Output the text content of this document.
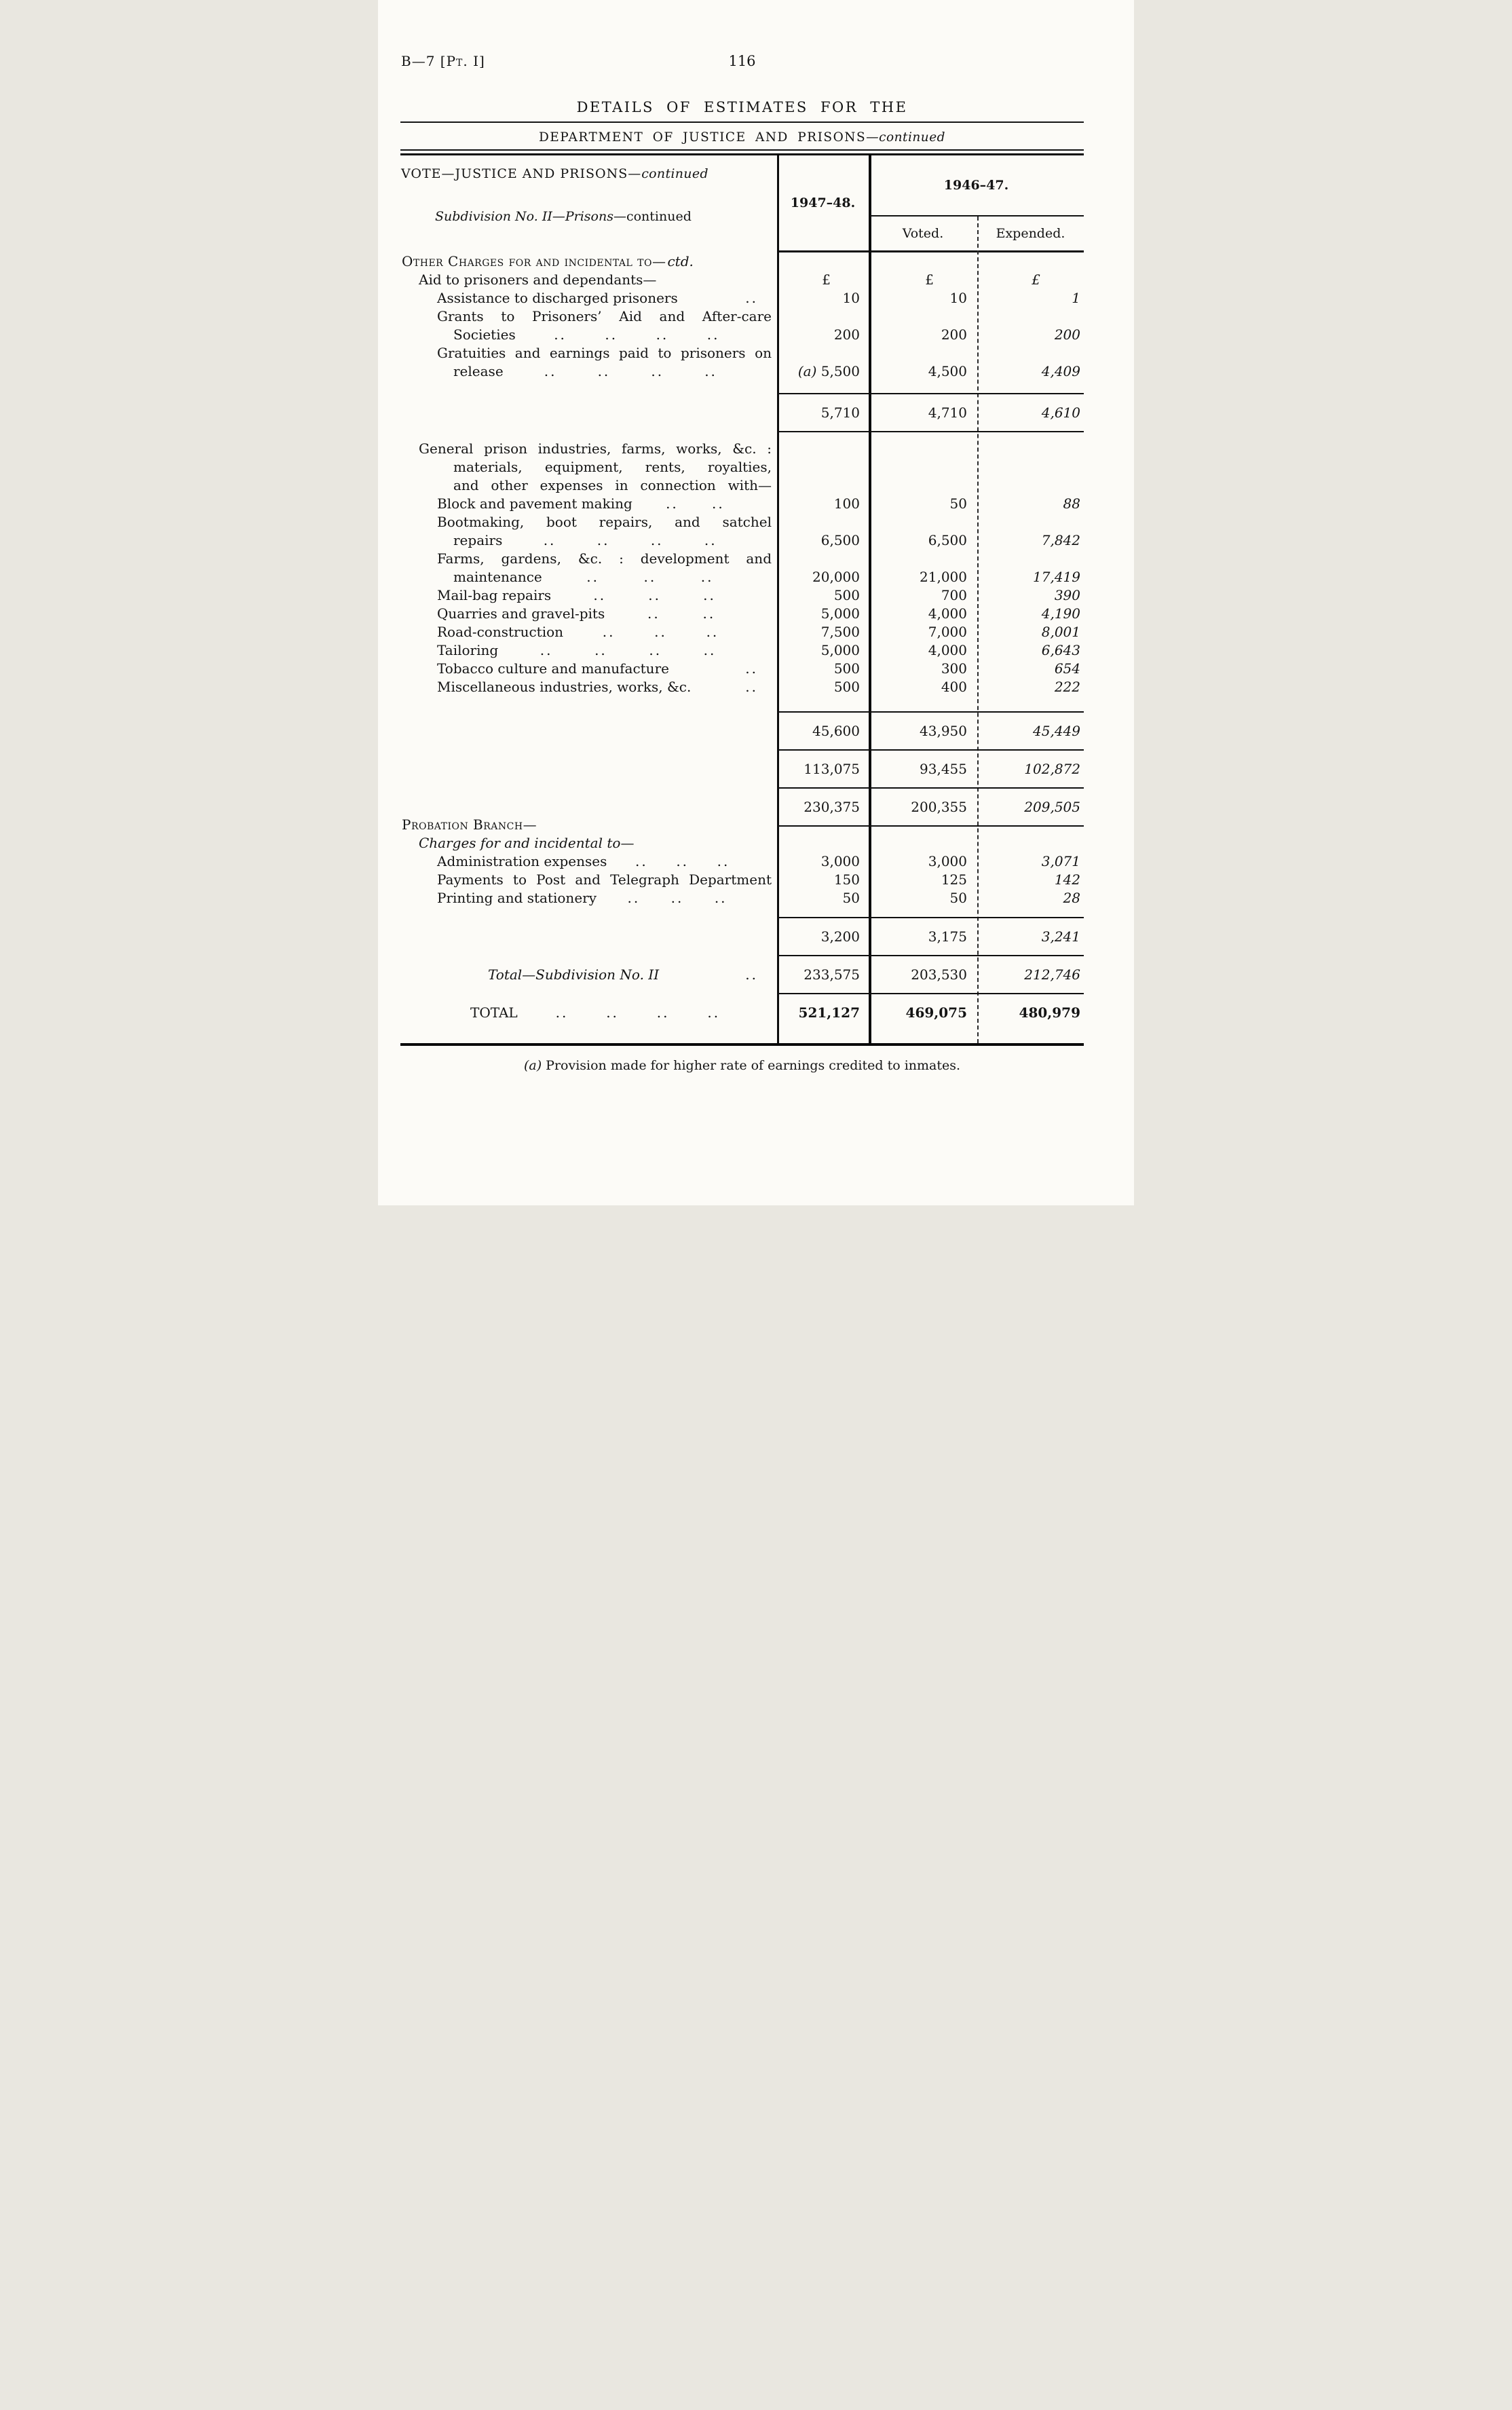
B—7 [Pt. I]	116
DETAILS OF ESTIMATES FOR THE
DEPARTMENT OF JUSTICE AND PRISONS—continued
VOTE—JUSTICE AND PRISONS—continued
Subdivision No. II—Prisons—continued
1947–48.
1946–47.
Voted.	Expended.
Other Charges for and incidental to— ctd.
Aid to prisoners and dependants—	£	£	£
Assistance to discharged prisoners	..	10	10	1
Grants to Prisoners’ Aid and After-care
Societies	..	..	..	..	200	200	200
Gratuities and earnings paid to prisoners on
release	..	..	..	..	(a) 5,500	4,500	4,409
5,710	4,710	4,610
General prison industries, farms, works, &c. :
materials, equipment, rents, royalties,
and other expenses in connection with—
Block and pavement making .. ..	100	50	88
Bootmaking, boot repairs, and satchel
repairs	..	..	..	..	6,500	6,500	7,842
Farms, gardens, &c. : development and
maintenance	..	..	..	20,000	21,000	17,419
Mail-bag repairs	..	..	..	500	700	390
Quarries and gravel-pits	..	..	5,000	4,000	4,190
Road-construction	..	..	..	7,500	7,000	8,001
Tailoring	..	..	..	..	5,000	4,000	6,643
Tobacco culture and manufacture	..	500	300	654
Miscellaneous industries, works, &c.	..	500	400	222
45,600	43,950	45,449
113,075	93,455	102,872
230,375	200,355	209,505
Probation Branch—
Charges for and incidental to—
Administration expenses .. .. ..	3,000	3,000	3,071
Payments to Post and Telegraph Department	150	125	142
Printing and stationery .. .. ..	50	50	28
3,200	3,175	3,241
Total—Subdivision No. II	..	233,575	203,530	212,746
TOTAL	..	..	..	..	521,127	469,075	480,979
(a) Provision made for higher rate of earnings credited to inmates.
